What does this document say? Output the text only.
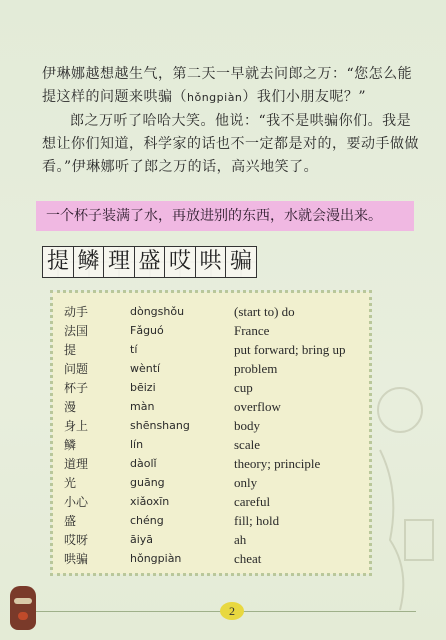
伊琳娜越想越生气，第二天一早就去问郎之万：“您怎么能提这样的问题来哄骗（hǒngpiàn）我们小朋友呢？”
郎之万听了哈哈大笑。他说：“我不是哄骗你们。我是想让你们知道，科学家的话也不一定都是对的，要动手做做看。”伊琳娜听了郎之万的话，高兴地笑了。
一个杯子装满了水，再放进别的东西，水就会漫出来。
提 鳞 理 盛 哎 哄 骗
动手	dòngshǒu	(start to) do
法国	Fǎguó	France
提	tí	put forward; bring up
问题	wèntí	problem
杯子	bēizi	cup
漫	màn	overflow
身上	shēnshang	body
鳞	lín	scale
道理	dàolǐ	theory; principle
光	guāng	only
小心	xiǎoxīn	careful
盛	chéng	fill; hold
哎呀	āiyā	ah
哄骗	hǒngpiàn	cheat
2
